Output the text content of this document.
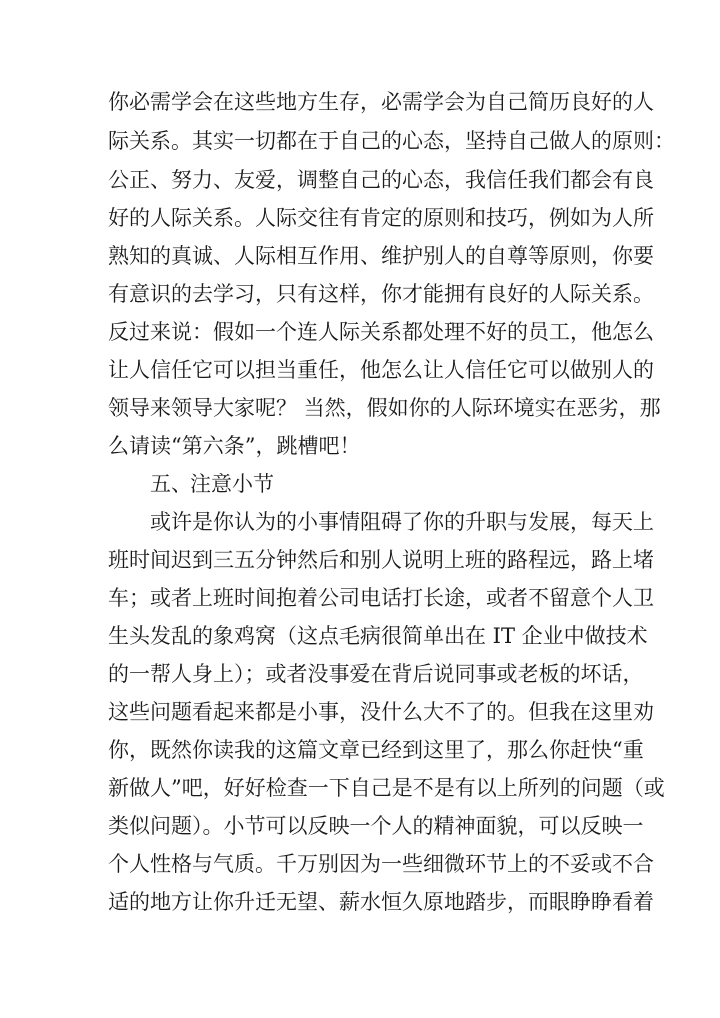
你必需学会在这些地方生存，必需学会为自己简历良好的人
际关系。其实一切都在于自己的心态，坚持自己做人的原则：
公正、努力、友爱，调整自己的心态，我信任我们都会有良
好的人际关系。人际交往有肯定的原则和技巧，例如为人所
熟知的真诚、人际相互作用、维护别人的自尊等原则，你要
有意识的去学习，只有这样，你才能拥有良好的人际关系。
反过来说：假如一个连人际关系都处理不好的员工，他怎么
让人信任它可以担当重任，他怎么让人信任它可以做别人的
领导来领导大家呢？ 当然，假如你的人际环境实在恶劣，那
么请读“第六条”，跳槽吧！
五、注意小节
或许是你认为的小事情阻碍了你的升职与发展，每天上
班时间迟到三五分钟然后和别人说明上班的路程远，路上堵
车；或者上班时间抱着公司电话打长途，或者不留意个人卫
生头发乱的象鸡窝（这点毛病很简单出在 IT 企业中做技术
的一帮人身上）；或者没事爱在背后说同事或老板的坏话，
这些问题看起来都是小事，没什么大不了的。但我在这里劝
你，既然你读我的这篇文章已经到这里了，那么你赶快“重
新做人”吧，好好检查一下自己是不是有以上所列的问题（或
类似问题）。小节可以反映一个人的精神面貌，可以反映一
个人性格与气质。千万别因为一些细微环节上的不妥或不合
适的地方让你升迁无望、薪水恒久原地踏步，而眼睁睁看着
